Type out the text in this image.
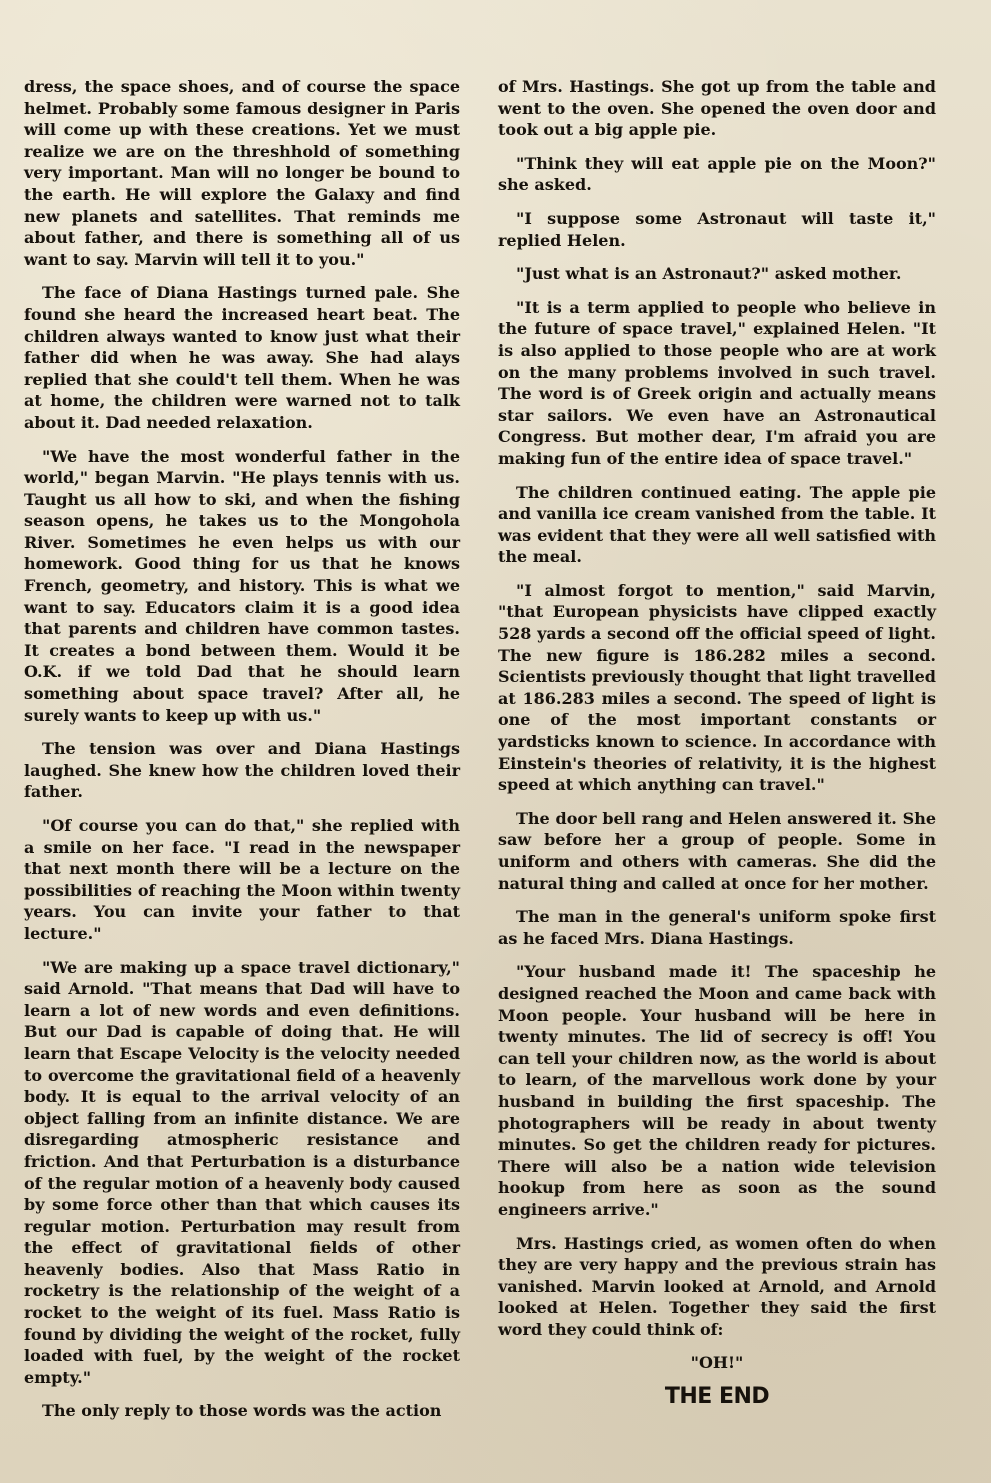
dress, the space shoes, and of course the space helmet. Probably some famous designer in Paris will come up with these creations. Yet we must realize we are on the threshhold of something very important. Man will no longer be bound to the earth. He will explore the Galaxy and find new planets and satellites. That reminds me about father, and there is something all of us want to say. Marvin will tell it to you."

The face of Diana Hastings turned pale. She found she heard the increased heart beat. The children always wanted to know just what their father did when he was away. She had alays replied that she could't tell them. When he was at home, the children were warned not to talk about it. Dad needed relaxation.

"We have the most wonderful father in the world," began Marvin. "He plays tennis with us. Taught us all how to ski, and when the fishing season opens, he takes us to the Mongohola River. Sometimes he even helps us with our homework. Good thing for us that he knows French, geometry, and history. This is what we want to say. Educators claim it is a good idea that parents and children have common tastes. It creates a bond between them. Would it be O.K. if we told Dad that he should learn something about space travel? After all, he surely wants to keep up with us."

The tension was over and Diana Hastings laughed. She knew how the children loved their father.

"Of course you can do that," she replied with a smile on her face. "I read in the newspaper that next month there will be a lecture on the possibilities of reaching the Moon within twenty years. You can invite your father to that lecture."

"We are making up a space travel dictionary," said Arnold. "That means that Dad will have to learn a lot of new words and even definitions. But our Dad is capable of doing that. He will learn that Escape Velocity is the velocity needed to overcome the gravitational field of a heavenly body. It is equal to the arrival velocity of an object falling from an infinite distance. We are disregarding atmospheric resistance and friction. And that Perturbation is a disturbance of the regular motion of a heavenly body caused by some force other than that which causes its regular motion. Perturbation may result from the effect of gravitational fields of other heavenly bodies. Also that Mass Ratio in rocketry is the relationship of the weight of a rocket to the weight of its fuel. Mass Ratio is found by dividing the weight of the rocket, fully loaded with fuel, by the weight of the rocket empty."

The only reply to those words was the action

of Mrs. Hastings. She got up from the table and went to the oven. She opened the oven door and took out a big apple pie.

"Think they will eat apple pie on the Moon?" she asked.

"I suppose some Astronaut will taste it," replied Helen.

"Just what is an Astronaut?" asked mother.

"It is a term applied to people who believe in the future of space travel," explained Helen. "It is also applied to those people who are at work on the many problems involved in such travel. The word is of Greek origin and actually means star sailors. We even have an Astronautical Congress. But mother dear, I'm afraid you are making fun of the entire idea of space travel."

The children continued eating. The apple pie and vanilla ice cream vanished from the table. It was evident that they were all well satisfied with the meal.

"I almost forgot to mention," said Marvin, "that European physicists have clipped exactly 528 yards a second off the official speed of light. The new figure is 186.282 miles a second. Scientists previously thought that light travelled at 186.283 miles a second. The speed of light is one of the most important constants or yardsticks known to science. In accordance with Einstein's theories of relativity, it is the highest speed at which anything can travel."

The door bell rang and Helen answered it. She saw before her a group of people. Some in uniform and others with cameras. She did the natural thing and called at once for her mother.

The man in the general's uniform spoke first as he faced Mrs. Diana Hastings.

"Your husband made it! The spaceship he designed reached the Moon and came back with Moon people. Your husband will be here in twenty minutes. The lid of secrecy is off! You can tell your children now, as the world is about to learn, of the marvellous work done by your husband in building the first spaceship. The photographers will be ready in about twenty minutes. So get the children ready for pictures. There will also be a nation wide television hookup from here as soon as the sound engineers arrive."

Mrs. Hastings cried, as women often do when they are very happy and the previous strain has vanished. Marvin looked at Arnold, and Arnold looked at Helen. Together they said the first word they could think of:

"OH!"

THE END
